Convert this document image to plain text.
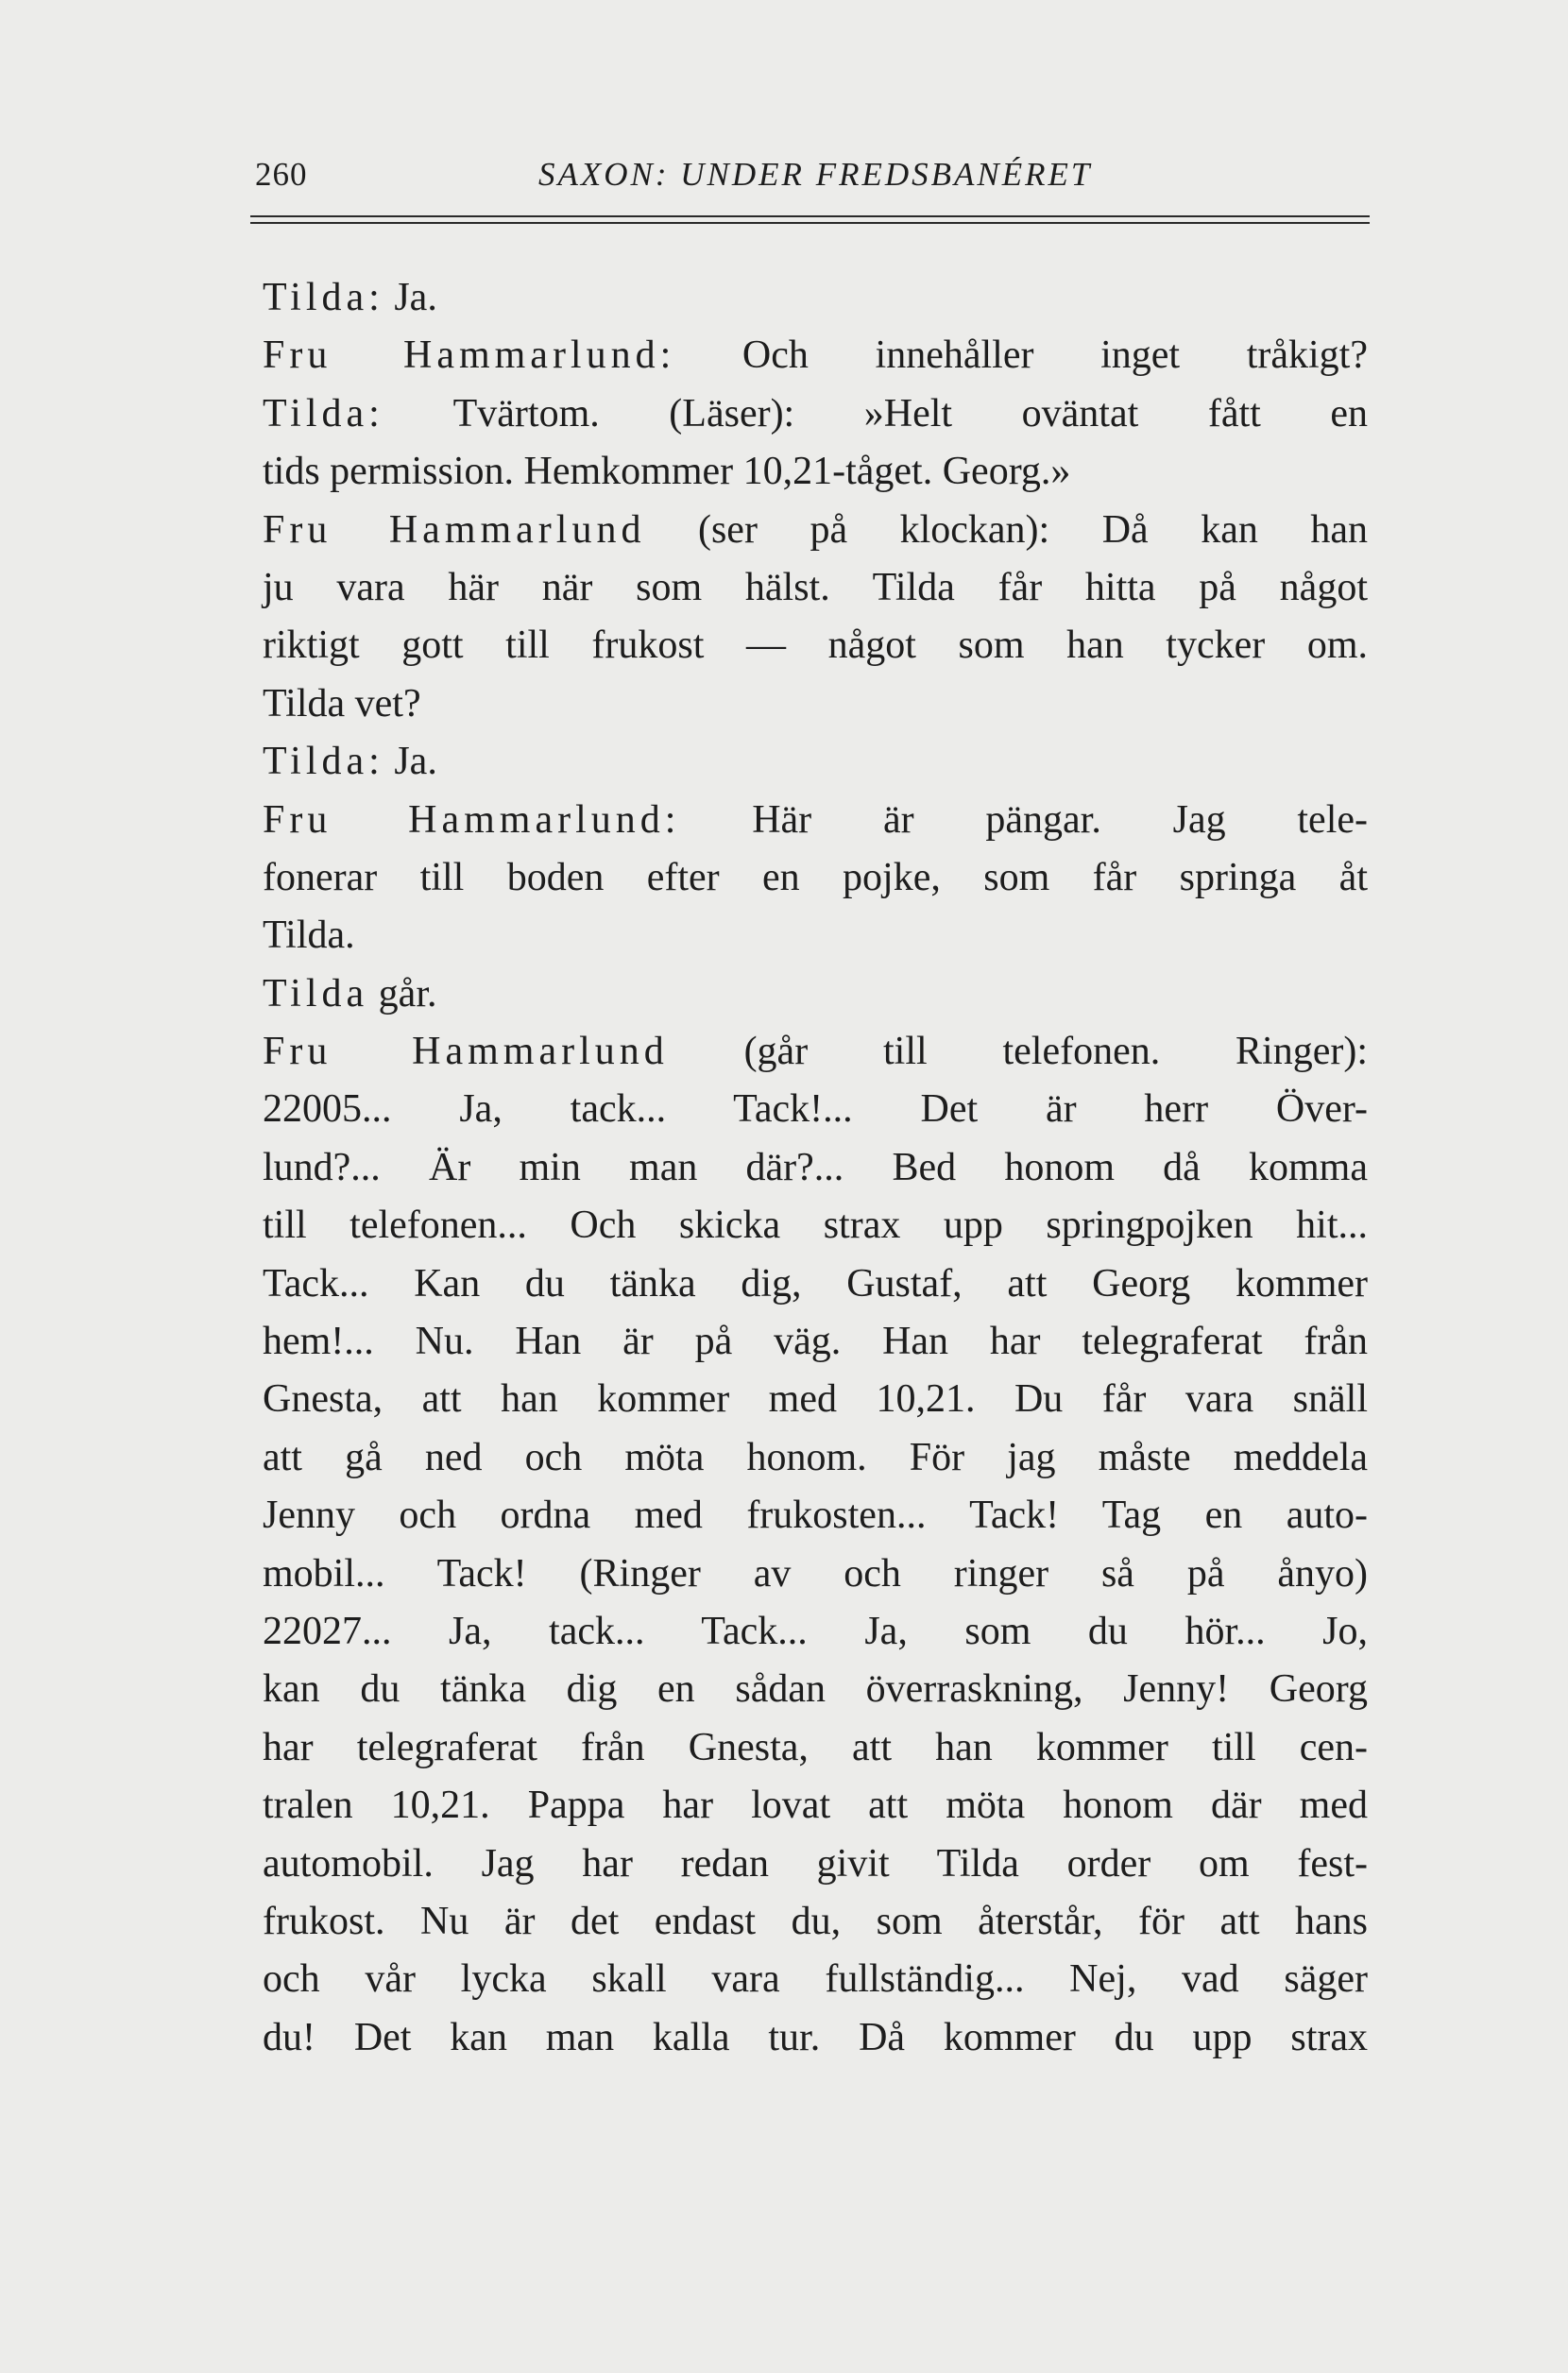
260	SAXON: UNDER FREDSBANÉRET
Tilda: Ja.
Fru Hammarlund: Och innehåller inget tråkigt?
Tilda: Tvärtom. (Läser): »Helt oväntat fått en
tids permission. Hemkommer 10,21-tåget. Georg.»
Fru Hammarlund (ser på klockan): Då kan han
ju vara här när som hälst. Tilda får hitta på något
riktigt gott till frukost — något som han tycker om.
Tilda vet?
Tilda: Ja.
Fru Hammarlund: Här är pängar. Jag tele-
fonerar till boden efter en pojke, som får springa åt
Tilda.
Tilda går.
Fru Hammarlund (går till telefonen. Ringer):
22005... Ja, tack... Tack!... Det är herr Över-
lund?... Är min man där?... Bed honom då komma
till telefonen... Och skicka strax upp springpojken hit...
Tack... Kan du tänka dig, Gustaf, att Georg kommer
hem!... Nu. Han är på väg. Han har telegraferat från
Gnesta, att han kommer med 10,21. Du får vara snäll
att gå ned och möta honom. För jag måste meddela
Jenny och ordna med frukosten... Tack! Tag en auto-
mobil... Tack! (Ringer av och ringer så på ånyo)
22027... Ja, tack... Tack... Ja, som du hör... Jo,
kan du tänka dig en sådan överraskning, Jenny! Georg
har telegraferat från Gnesta, att han kommer till cen-
tralen 10,21. Pappa har lovat att möta honom där med
automobil. Jag har redan givit Tilda order om fest-
frukost. Nu är det endast du, som återstår, för att hans
och vår lycka skall vara fullständig... Nej, vad säger
du! Det kan man kalla tur. Då kommer du upp strax
